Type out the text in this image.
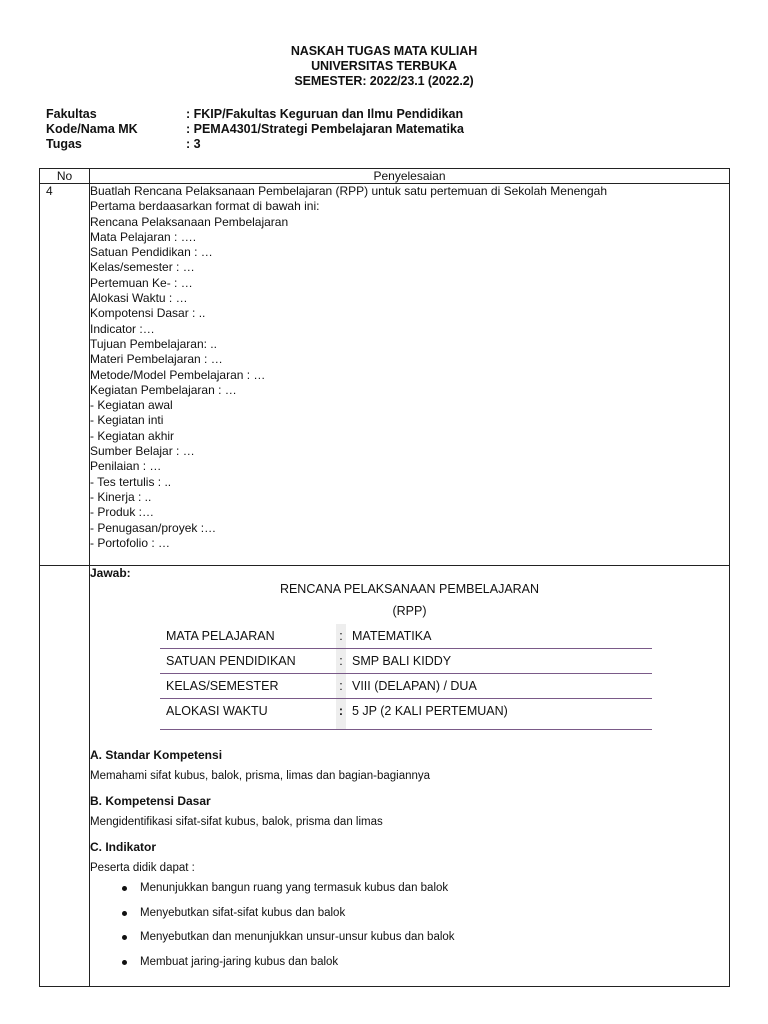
NASKAH TUGAS MATA KULIAH
UNIVERSITAS TERBUKA
SEMESTER: 2022/23.1 (2022.2)
Fakultas	: FKIP/Fakultas Keguruan dan Ilmu Pendidikan
Kode/Nama MK	: PEMA4301/Strategi Pembelajaran Matematika
Tugas	: 3
No	Penyelesaian
4	Buatlah Rencana Pelaksanaan Pembelajaran (RPP) untuk satu pertemuan di Sekolah Menengah
Pertama berdaasarkan format di bawah ini:
Rencana Pelaksanaan Pembelajaran
Mata Pelajaran : ….
Satuan Pendidikan : …
Kelas/semester : …
Pertemuan Ke- : …
Alokasi Waktu : …
Kompotensi Dasar : ..
Indicator :…
Tujuan Pembelajaran: ..
Materi Pembelajaran : …
Metode/Model Pembelajaran : …
Kegiatan Pembelajaran : …
- Kegiatan awal
- Kegiatan inti
- Kegiatan akhir
Sumber Belajar : …
Penilaian : …
- Tes tertulis : ..
- Kinerja : ..
- Produk :…
- Penugasan/proyek :…
- Portofolio : …

Jawab:
RENCANA PELAKSANAAN PEMBELAJARAN
(RPP)
MATA PELAJARAN	:	MATEMATIKA
SATUAN PENDIDIKAN	:	SMP BALI KIDDY
KELAS/SEMESTER	:	VIII (DELAPAN) / DUA
ALOKASI WAKTU	:	5 JP (2 KALI PERTEMUAN)

A. Standar Kompetensi
Memahami sifat kubus, balok, prisma, limas dan bagian-bagiannya
B. Kompetensi Dasar
Mengidentifikasi sifat-sifat kubus, balok, prisma dan limas
C. Indikator
Peserta didik dapat :
Menunjukkan bangun ruang yang termasuk kubus dan balok
Menyebutkan sifat-sifat kubus dan balok
Menyebutkan dan menunjukkan unsur-unsur kubus dan balok
Membuat jaring-jaring kubus dan balok
